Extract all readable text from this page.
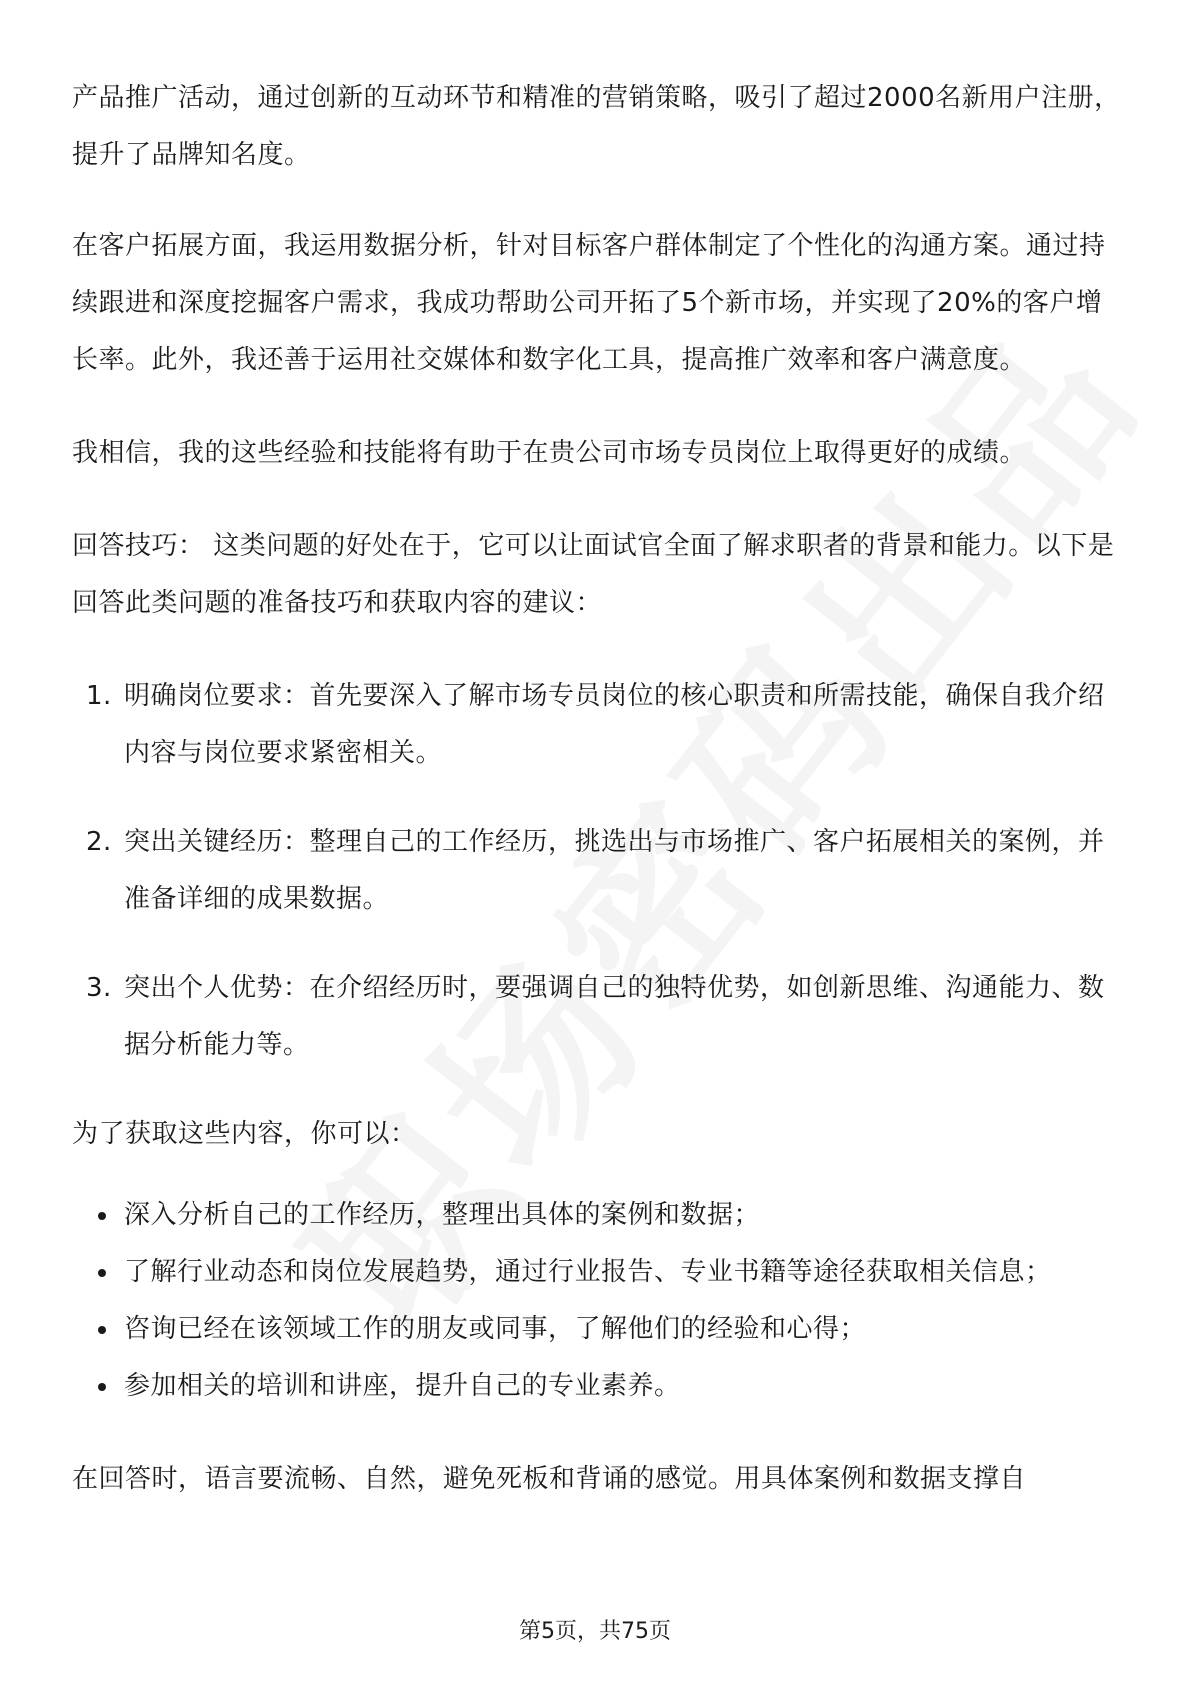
产品推广活动，通过创新的互动环节和精准的营销策略，吸引了超过2000名新用户注册，提升了品牌知名度。

在客户拓展方面，我运用数据分析，针对目标客户群体制定了个性化的沟通方案。通过持续跟进和深度挖掘客户需求，我成功帮助公司开拓了5个新市场，并实现了20%的客户增长率。此外，我还善于运用社交媒体和数字化工具，提高推广效率和客户满意度。

我相信，我的这些经验和技能将有助于在贵公司市场专员岗位上取得更好的成绩。

回答技巧： 这类问题的好处在于，它可以让面试官全面了解求职者的背景和能力。以下是回答此类问题的准备技巧和获取内容的建议：

1. 明确岗位要求：首先要深入了解市场专员岗位的核心职责和所需技能，确保自我介绍内容与岗位要求紧密相关。
2. 突出关键经历：整理自己的工作经历，挑选出与市场推广、客户拓展相关的案例，并准备详细的成果数据。
3. 突出个人优势：在介绍经历时，要强调自己的独特优势，如创新思维、沟通能力、数据分析能力等。

为了获取这些内容，你可以：

深入分析自己的工作经历，整理出具体的案例和数据；
了解行业动态和岗位发展趋势，通过行业报告、专业书籍等途径获取相关信息；
咨询已经在该领域工作的朋友或同事，了解他们的经验和心得；
参加相关的培训和讲座，提升自己的专业素养。

在回答时，语言要流畅、自然，避免死板和背诵的感觉。用具体案例和数据支撑自

第5页，共75页
